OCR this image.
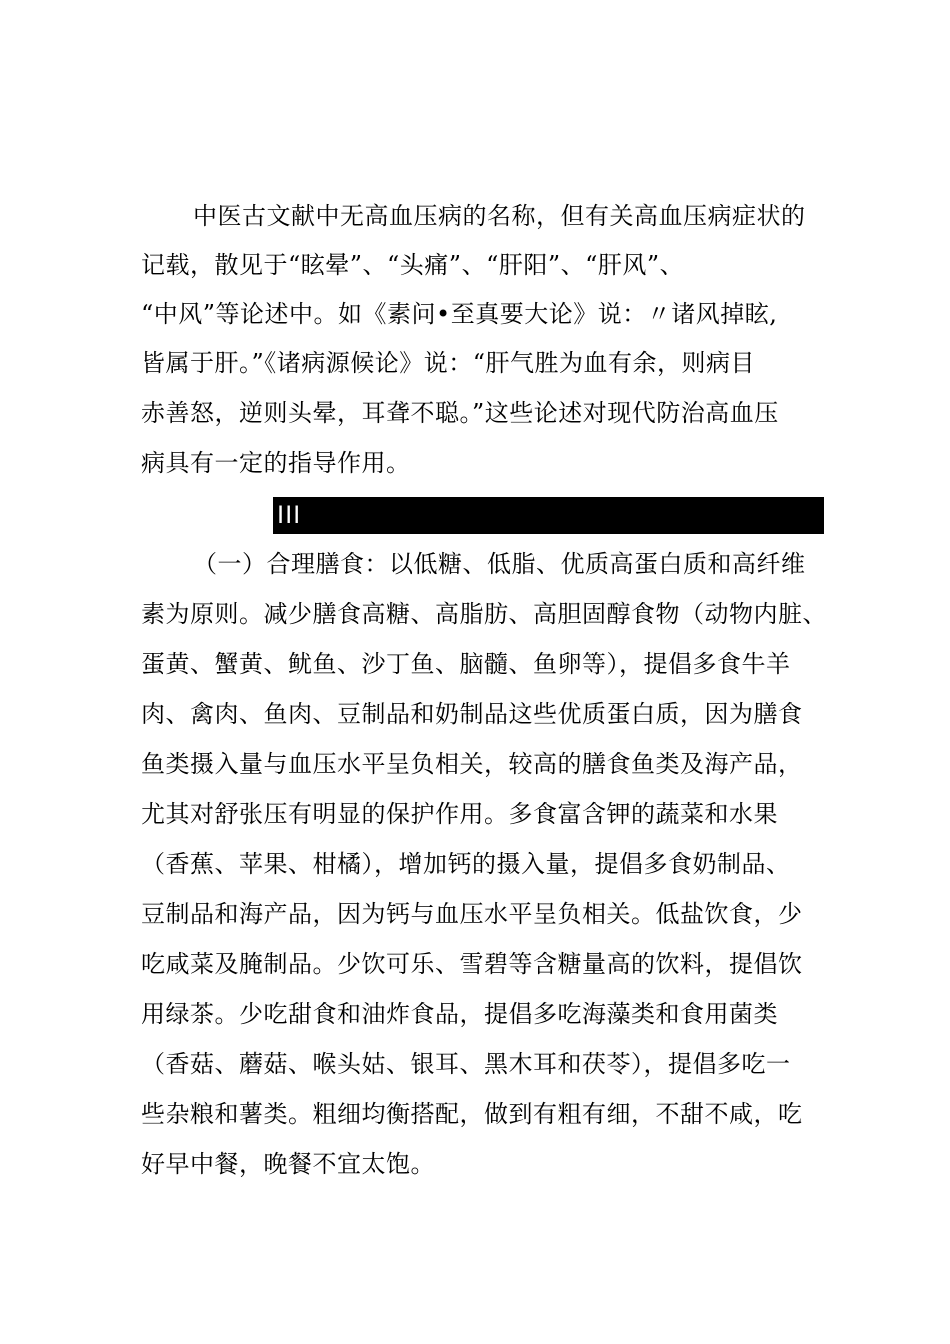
中医古文献中无高血压病的名称，但有关高血压病症状的
记载，散见于“眩晕”、“头痛”、“肝阳”、“肝风”、
“中风”等论述中。如《素问•至真要大论》说：〃诸风掉眩,
皆属于肝。”《诸病源候论》说：“肝气胜为血有余，则病目
赤善怒，逆则头晕，耳聋不聪。”这些论述对现代防治高血压
病具有一定的指导作用。
III
（一）合理膳食：以低糖、低脂、优质高蛋白质和高纤维
素为原则。减少膳食高糖、高脂肪、高胆固醇食物（动物内脏、
蛋黄、蟹黄、鱿鱼、沙丁鱼、脑髓、鱼卵等），提倡多食牛羊
肉、禽肉、鱼肉、豆制品和奶制品这些优质蛋白质，因为膳食
鱼类摄入量与血压水平呈负相关，较高的膳食鱼类及海产品，
尤其对舒张压有明显的保护作用。多食富含钾的蔬菜和水果
（香蕉、苹果、柑橘），增加钙的摄入量，提倡多食奶制品、
豆制品和海产品，因为钙与血压水平呈负相关。低盐饮食，少
吃咸菜及腌制品。少饮可乐、雪碧等含糖量高的饮料，提倡饮
用绿茶。少吃甜食和油炸食品，提倡多吃海藻类和食用菌类
（香菇、蘑菇、喉头姑、银耳、黑木耳和茯苓），提倡多吃一
些杂粮和薯类。粗细均衡搭配，做到有粗有细，不甜不咸，吃
好早中餐，晚餐不宜太饱。
